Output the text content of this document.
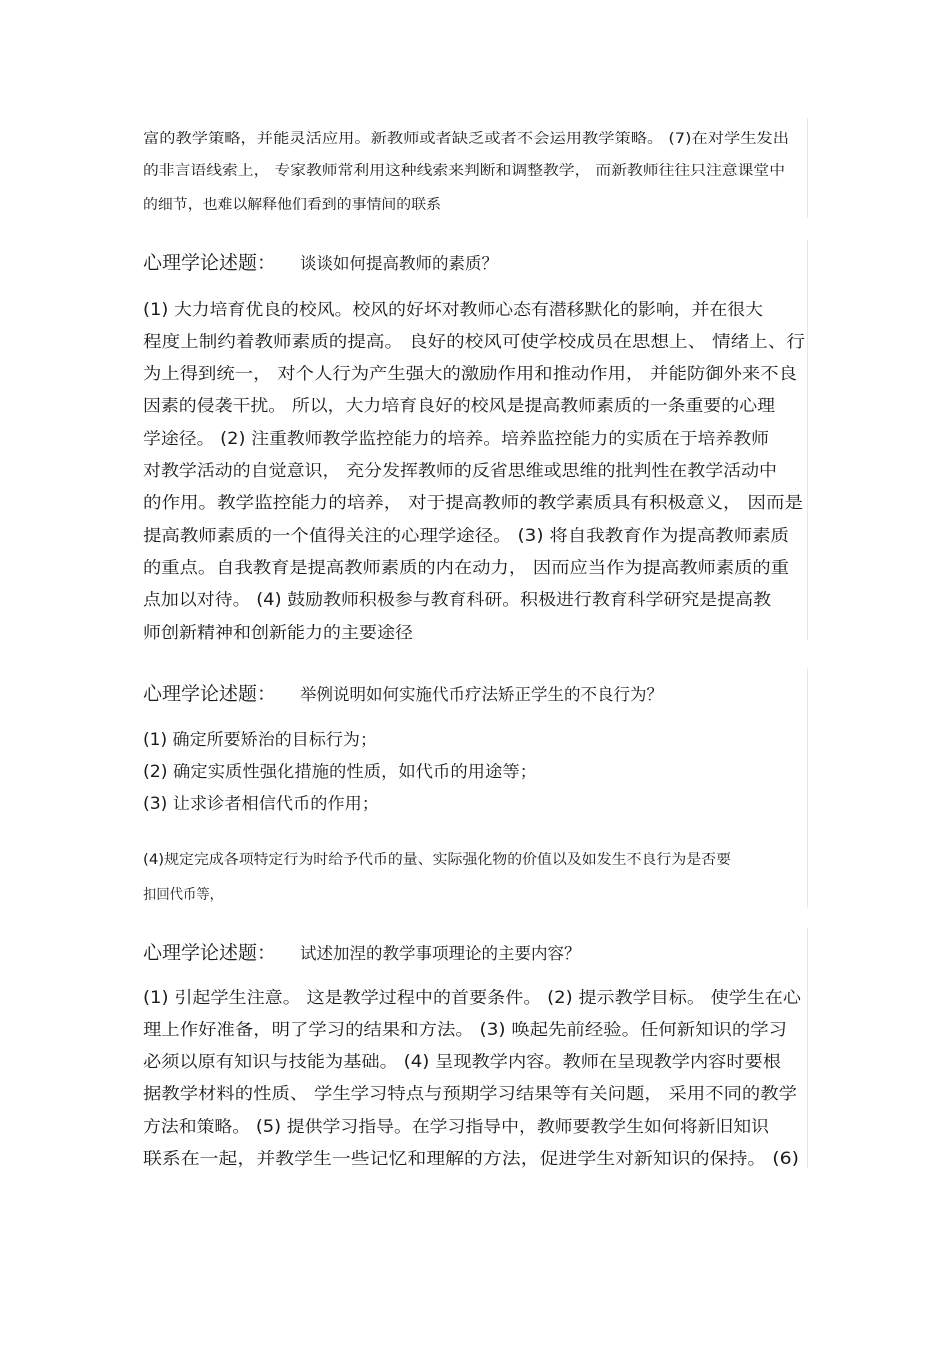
富的教学策略，并能灵活应用。新教师或者缺乏或者不会运用教学策略。 (7)在对学生发出
的非言语线索上， 专家教师常利用这种线索来判断和调整教学， 而新教师往往只注意课堂中
的细节，也难以解释他们看到的事情间的联系
心理学论述题： 谈谈如何提高教师的素质？
(1) 大力培育优良的校风。校风的好坏对教师心态有潜移默化的影响，并在很大
程度上制约着教师素质的提高。 良好的校风可使学校成员在思想上、 情绪上、行
为上得到统一， 对个人行为产生强大的激励作用和推动作用， 并能防御外来不良
因素的侵袭干扰。 所以，大力培育良好的校风是提高教师素质的一条重要的心理
学途径。 (2) 注重教师教学监控能力的培养。培养监控能力的实质在于培养教师
对教学活动的自觉意识， 充分发挥教师的反省思维或思维的批判性在教学活动中
的作用。教学监控能力的培养， 对于提高教师的教学素质具有积极意义， 因而是
提高教师素质的一个值得关注的心理学途径。 (3) 将自我教育作为提高教师素质
的重点。自我教育是提高教师素质的内在动力， 因而应当作为提高教师素质的重
点加以对待。 (4) 鼓励教师积极参与教育科研。积极进行教育科学研究是提高教
师创新精神和创新能力的主要途径
心理学论述题： 举例说明如何实施代币疗法矫正学生的不良行为？
(1) 确定所要矫治的目标行为；
(2) 确定实质性强化措施的性质，如代币的用途等；
(3) 让求诊者相信代币的作用；
(4)规定完成各项特定行为时给予代币的量、实际强化物的价值以及如发生不良行为是否要
扣回代币等，
心理学论述题： 试述加涅的教学事项理论的主要内容？
(1) 引起学生注意。 这是教学过程中的首要条件。 (2) 提示教学目标。 使学生在心
理上作好准备，明了学习的结果和方法。 (3) 唤起先前经验。任何新知识的学习
必须以原有知识与技能为基础。 (4) 呈现教学内容。教师在呈现教学内容时要根
据教学材料的性质、 学生学习特点与预期学习结果等有关问题， 采用不同的教学
方法和策略。 (5) 提供学习指导。在学习指导中，教师要教学生如何将新旧知识
联系在一起，并教学生一些记忆和理解的方法，促进学生对新知识的保持。 (6)
